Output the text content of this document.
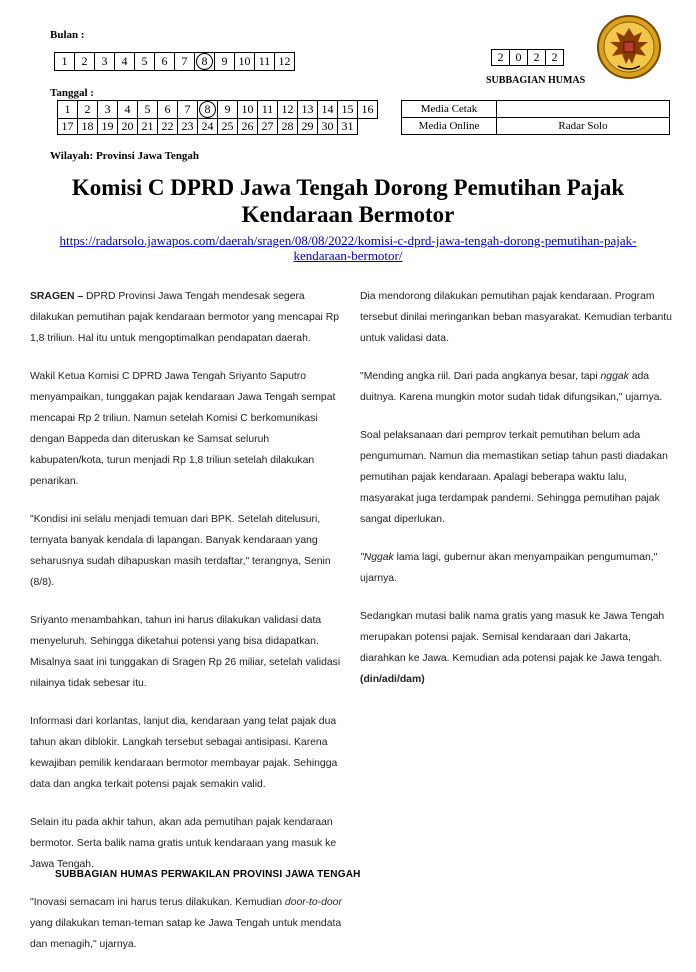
Bulan :
1	2	3	4	5	6	7	8	9	10	11	12	2	0	2	2
SUBBAGIAN HUMAS
Tanggal :
1	2	3	4	5	6	7	8	9	10	11	12	13	14	15	16
17	18	19	20	21	22	23	24	25	26	27	28	29	30	31	
Media Cetak	
Media Online	Radar Solo
Wilayah: Provinsi Jawa Tengah
Komisi C DPRD Jawa Tengah Dorong Pemutihan Pajak
Kendaraan Bermotor
https://radarsolo.jawapos.com/daerah/sragen/08/08/2022/komisi-c-dprd-jawa-tengah-dorong-pemutihan-pajak-
kendaraan-bermotor/

SRAGEN – DPRD Provinsi Jawa Tengah mendesak segera dilakukan pemutihan pajak kendaraan bermotor yang mencapai Rp 1,8 triliun. Hal itu untuk mengoptimalkan pendapatan daerah.

Wakil Ketua Komisi C DPRD Jawa Tengah Sriyanto Saputro menyampaikan, tunggakan pajak kendaraan Jawa Tengah sempat mencapai Rp 2 triliun. Namun setelah Komisi C berkomunikasi dengan Bappeda dan diteruskan ke Samsat seluruh kabupaten/kota, turun menjadi Rp 1,8 triliun setelah dilakukan penarikan.

"Kondisi ini selalu menjadi temuan dari BPK. Setelah ditelusuri, ternyata banyak kendala di lapangan. Banyak kendaraan yang seharusnya sudah dihapuskan masih terdaftar," terangnya, Senin (8/8).

Sriyanto menambahkan, tahun ini harus dilakukan validasi data menyeluruh. Sehingga diketahui potensi yang bisa didapatkan. Misalnya saat ini tunggakan di Sragen Rp 26 miliar, setelah validasi nilainya tidak sebesar itu.

Informasi dari korlantas, lanjut dia, kendaraan yang telat pajak dua tahun akan diblokir. Langkah tersebut sebagai antisipasi. Karena kewajiban pemilik kendaraan bermotor membayar pajak. Sehingga data dan angka terkait potensi pajak semakin valid.

Selain itu pada akhir tahun, akan ada pemutihan pajak kendaraan bermotor. Serta balik nama gratis untuk kendaraan yang masuk ke Jawa Tengah.

"Inovasi semacam ini harus terus dilakukan. Kemudian door-to-door yang dilakukan teman-teman satap ke Jawa Tengah untuk mendata dan menagih," ujarnya.

Dia mendorong dilakukan pemutihan pajak kendaraan. Program tersebut dinilai meringankan beban masyarakat. Kemudian terbantu untuk validasi data.

"Mending angka riil. Dari pada angkanya besar, tapi nggak ada duitnya. Karena mungkin motor sudah tidak difungsikan," ujarnya.

Soal pelaksanaan dari pemprov terkait pemutihan belum ada pengumuman. Namun dia memastikan setiap tahun pasti diadakan pemutihan pajak kendaraan. Apalagi beberapa waktu lalu, masyarakat juga terdampak pandemi. Sehingga pemutihan pajak sangat diperlukan.

"Nggak lama lagi, gubernur akan menyampaikan pengumuman," ujarnya.

Sedangkan mutasi balik nama gratis yang masuk ke Jawa Tengah merupakan potensi pajak. Semisal kendaraan dari Jakarta, diarahkan ke Jawa. Kemudian ada potensi pajak ke Jawa tengah. (din/adi/dam)

SUBBAGIAN HUMAS PERWAKILAN PROVINSI JAWA TENGAH
